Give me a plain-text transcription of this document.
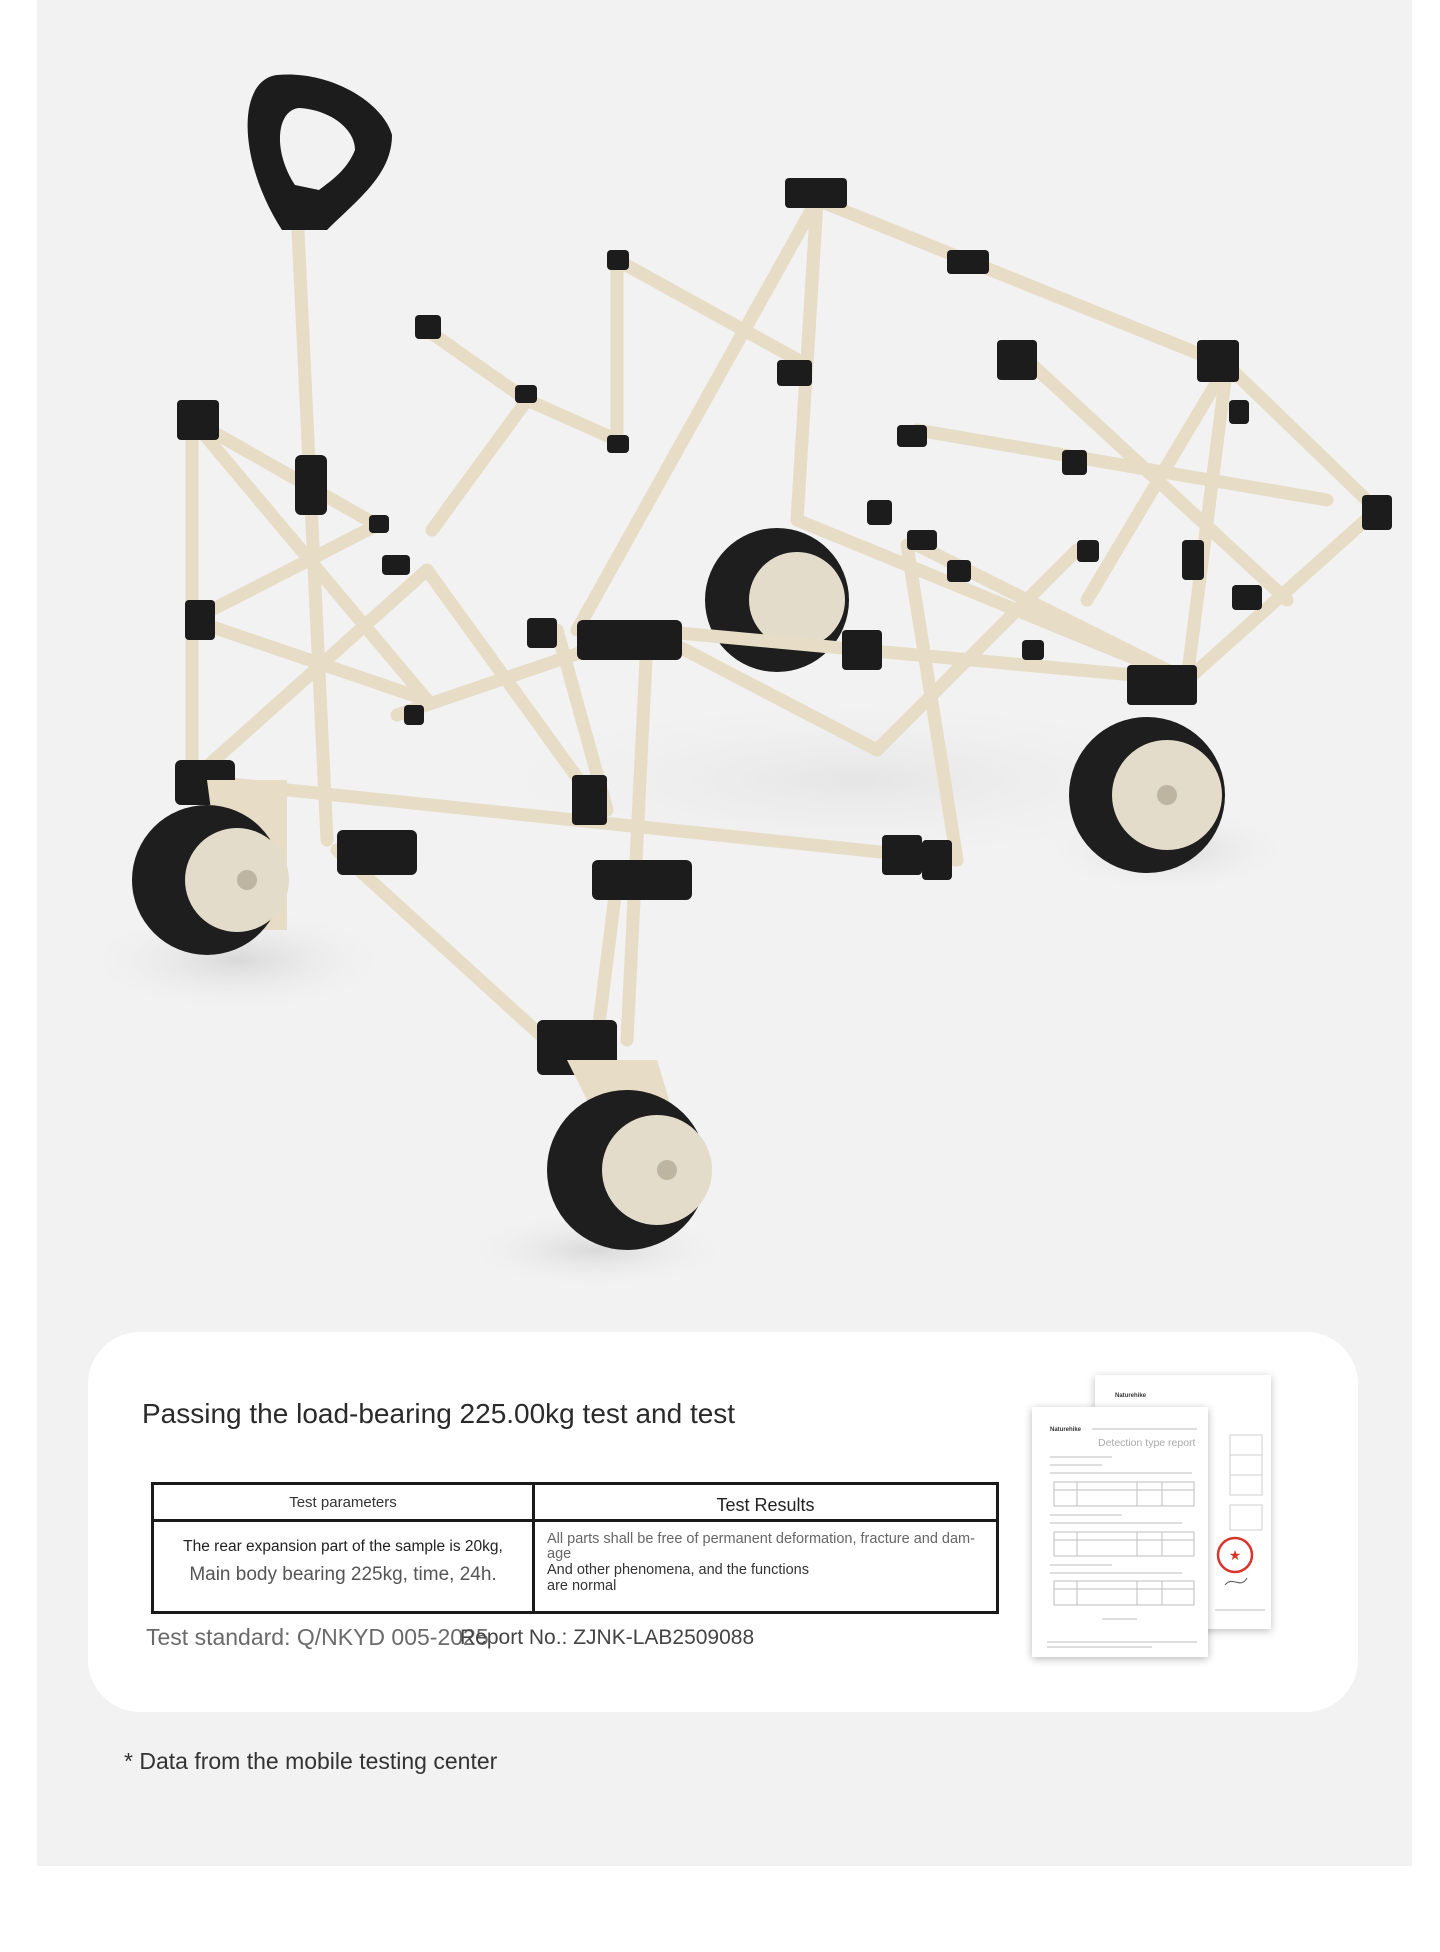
Passing the load-bearing 225.00kg test and test
Test parameters	Test Results
The rear expansion part of the sample is 20kg,
Main body bearing 225kg, time, 24h.
All parts shall be free of permanent deformation, fracture and dam-
age
And other phenomena, and the functions
are normal
Test standard: Q/NKYD 005-2025
Report No.: ZJNK-LAB2509088
Naturehike
★
Naturehike
Detection type report
* Data from the mobile testing center
